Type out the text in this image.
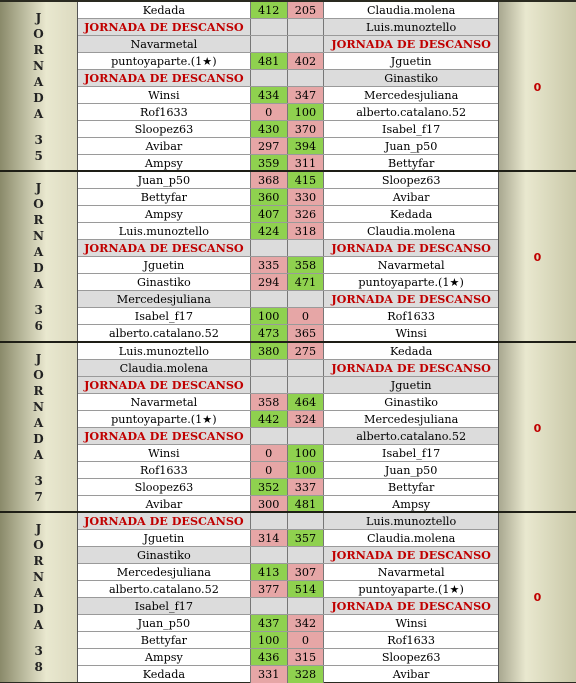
J
O
R
N
A
D
A
35
Kedada	412	205	Claudia.molena
JORNADA DE DESCANSO	Luis.munoztello
Navarmetal	JORNADA DE DESCANSO
puntoyaparte.(1★)	481	402	Jguetin
JORNADA DE DESCANSO	Ginastiko
Winsi	434	347	Mercedesjuliana
Rof1633	0	100	alberto.catalano.52
Sloopez63	430	370	Isabel_f17
Avibar	297	394	Juan_p50
Ampsy	359	311	Bettyfar
0
J
O
R
N
A
D
A
36
Juan_p50	368	415	Sloopez63
Bettyfar	360	330	Avibar
Ampsy	407	326	Kedada
Luis.munoztello	424	318	Claudia.molena
JORNADA DE DESCANSO	JORNADA DE DESCANSO
Jguetin	335	358	Navarmetal
Ginastiko	294	471	puntoyaparte.(1★)
Mercedesjuliana	JORNADA DE DESCANSO
Isabel_f17	100	0	Rof1633
alberto.catalano.52	473	365	Winsi
0
J
O
R
N
A
D
A
37
Luis.munoztello	380	275	Kedada
Claudia.molena	JORNADA DE DESCANSO
JORNADA DE DESCANSO	Jguetin
Navarmetal	358	464	Ginastiko
puntoyaparte.(1★)	442	324	Mercedesjuliana
JORNADA DE DESCANSO	alberto.catalano.52
Winsi	0	100	Isabel_f17
Rof1633	0	100	Juan_p50
Sloopez63	352	337	Bettyfar
Avibar	300	481	Ampsy
0
J
O
R
N
A
D
A
38
JORNADA DE DESCANSO	Luis.munoztello
Jguetin	314	357	Claudia.molena
Ginastiko	JORNADA DE DESCANSO
Mercedesjuliana	413	307	Navarmetal
alberto.catalano.52	377	514	puntoyaparte.(1★)
Isabel_f17	JORNADA DE DESCANSO
Juan_p50	437	342	Winsi
Bettyfar	100	0	Rof1633
Ampsy	436	315	Sloopez63
Kedada	331	328	Avibar
0
